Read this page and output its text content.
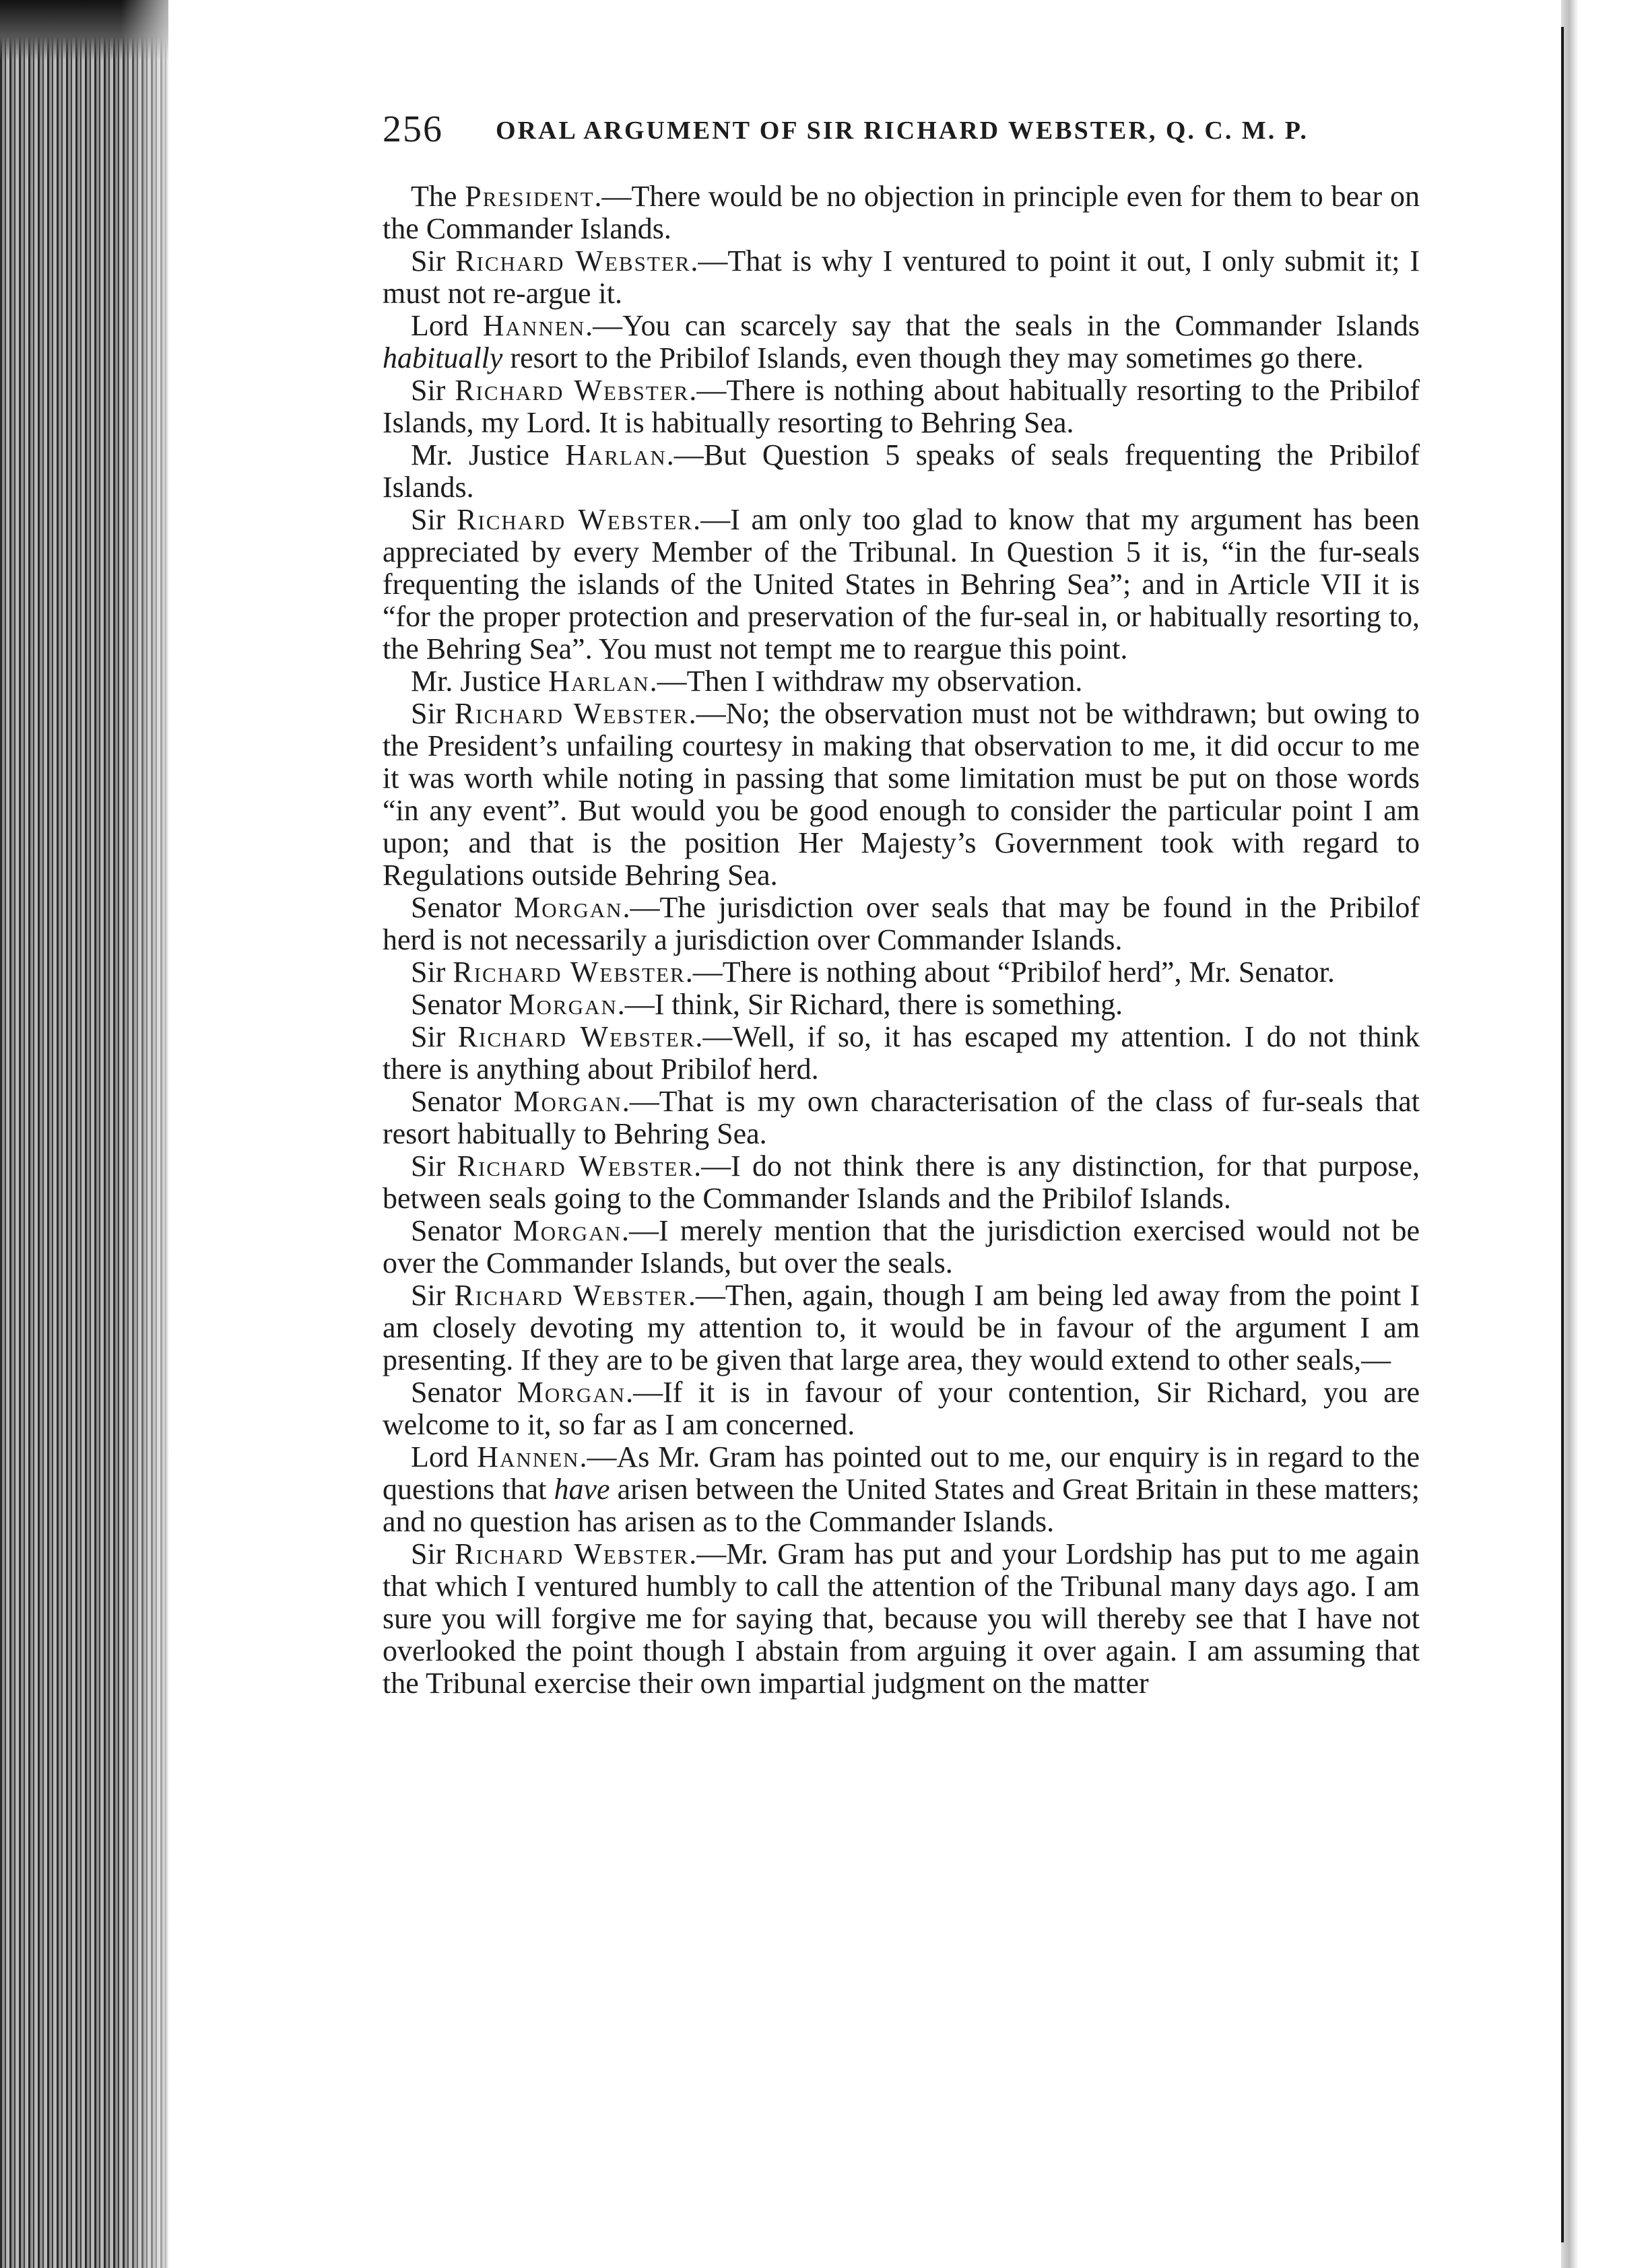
256 ORAL ARGUMENT OF SIR RICHARD WEBSTER, Q. C. M. P.

The President.—There would be no objection in principle even for them to bear on the Commander Islands.

Sir Richard Webster.—That is why I ventured to point it out, I only submit it; I must not re-argue it.

Lord Hannen.—You can scarcely say that the seals in the Commander Islands habitually resort to the Pribilof Islands, even though they may sometimes go there.

Sir Richard Webster.—There is nothing about habitually resorting to the Pribilof Islands, my Lord. It is habitually resorting to Behring Sea.

Mr. Justice Harlan.—But Question 5 speaks of seals frequenting the Pribilof Islands.

Sir Richard Webster.—I am only too glad to know that my argument has been appreciated by every Member of the Tribunal. In Question 5 it is, “in the fur-seals frequenting the islands of the United States in Behring Sea”; and in Article VII it is “for the proper protection and preservation of the fur-seal in, or habitually resorting to, the Behring Sea”. You must not tempt me to reargue this point.

Mr. Justice Harlan.—Then I withdraw my observation.

Sir Richard Webster.—No; the observation must not be withdrawn; but owing to the President’s unfailing courtesy in making that observation to me, it did occur to me it was worth while noting in passing that some limitation must be put on those words “in any event”. But would you be good enough to consider the particular point I am upon; and that is the position Her Majesty’s Government took with regard to Regulations outside Behring Sea.

Senator Morgan.—The jurisdiction over seals that may be found in the Pribilof herd is not necessarily a jurisdiction over Commander Islands.

Sir Richard Webster.—There is nothing about “Pribilof herd”, Mr. Senator.

Senator Morgan.—I think, Sir Richard, there is something.

Sir Richard Webster.—Well, if so, it has escaped my attention. I do not think there is anything about Pribilof herd.

Senator Morgan.—That is my own characterisation of the class of fur-seals that resort habitually to Behring Sea.

Sir Richard Webster.—I do not think there is any distinction, for that purpose, between seals going to the Commander Islands and the Pribilof Islands.

Senator Morgan.—I merely mention that the jurisdiction exercised would not be over the Commander Islands, but over the seals.

Sir Richard Webster.—Then, again, though I am being led away from the point I am closely devoting my attention to, it would be in favour of the argument I am presenting. If they are to be given that large area, they would extend to other seals,—

Senator Morgan.—If it is in favour of your contention, Sir Richard, you are welcome to it, so far as I am concerned.

Lord Hannen.—As Mr. Gram has pointed out to me, our enquiry is in regard to the questions that have arisen between the United States and Great Britain in these matters; and no question has arisen as to the Commander Islands.

Sir Richard Webster.—Mr. Gram has put and your Lordship has put to me again that which I ventured humbly to call the attention of the Tribunal many days ago. I am sure you will forgive me for saying that, because you will thereby see that I have not overlooked the point though I abstain from arguing it over again. I am assuming that the Tribunal exercise their own impartial judgment on the matter
